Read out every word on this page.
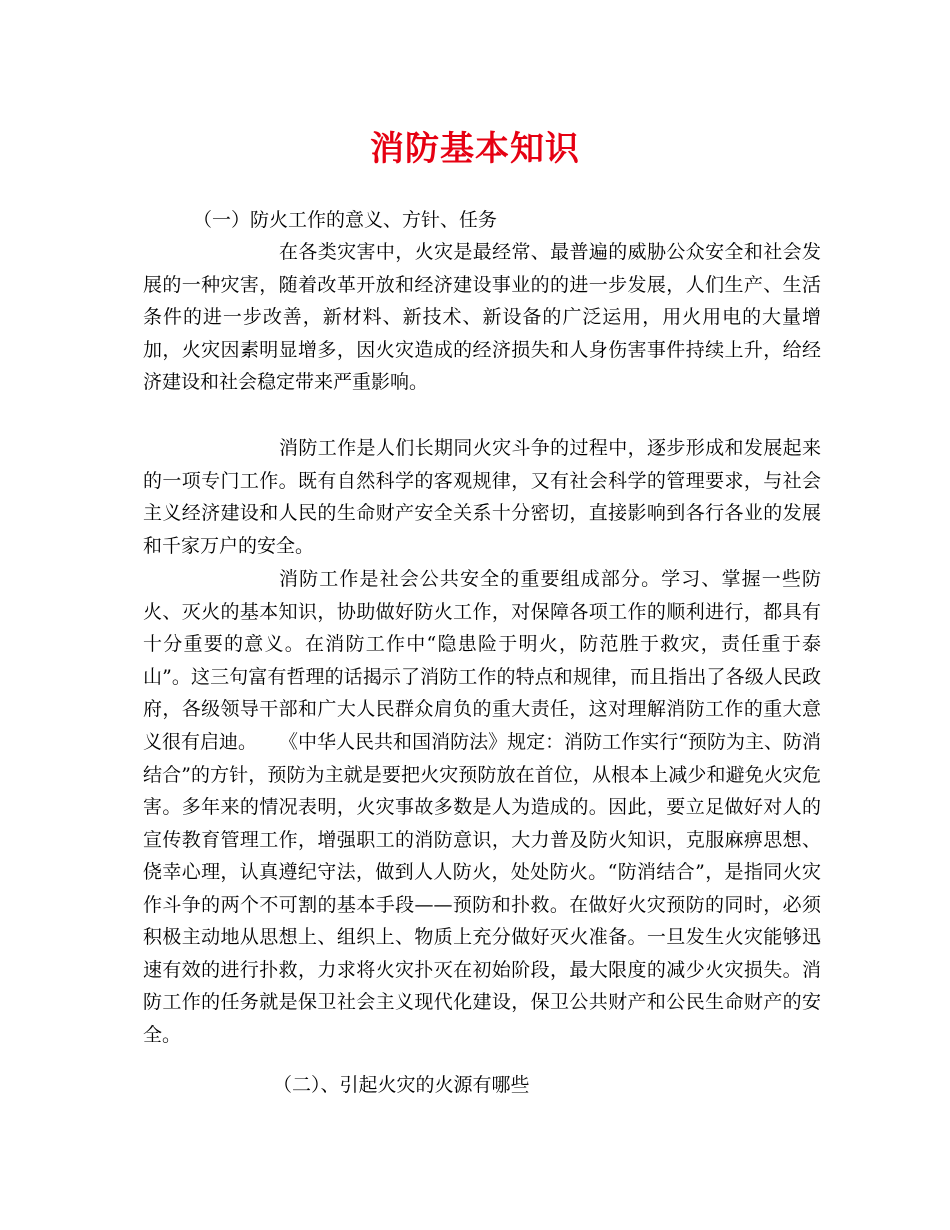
消防基本知识
（一）防火工作的意义、方针、任务

在各类灾害中，火灾是最经常、最普遍的威胁公众安全和社会发展的一种灾害，随着改革开放和经济建设事业的的进一步发展，人们生产、生活条件的进一步改善，新材料、新技术、新设备的广泛运用，用火用电的大量增加，火灾因素明显增多，因火灾造成的经济损失和人身伤害事件持续上升，给经济建设和社会稳定带来严重影响。

消防工作是人们长期同火灾斗争的过程中，逐步形成和发展起来的一项专门工作。既有自然科学的客观规律，又有社会科学的管理要求，与社会主义经济建设和人民的生命财产安全关系十分密切，直接影响到各行各业的发展和千家万户的安全。

消防工作是社会公共安全的重要组成部分。学习、掌握一些防火、灭火的基本知识，协助做好防火工作，对保障各项工作的顺利进行，都具有十分重要的意义。在消防工作中“隐患险于明火，防范胜于救灾，责任重于泰山”。这三句富有哲理的话揭示了消防工作的特点和规律，而且指出了各级人民政府，各级领导干部和广大人民群众肩负的重大责任，这对理解消防工作的重大意义很有启迪。	《中华人民共和国消防法》规定：消防工作实行“预防为主、防消结合”的方针，预防为主就是要把火灾预防放在首位，从根本上减少和避免火灾危害。多年来的情况表明，火灾事故多数是人为造成的。因此，要立足做好对人的宣传教育管理工作，增强职工的消防意识，大力普及防火知识，克服麻痹思想、侥幸心理，认真遵纪守法，做到人人防火，处处防火。“防消结合”，是指同火灾作斗争的两个不可割的基本手段——预防和扑救。在做好火灾预防的同时，必须积极主动地从思想上、组织上、物质上充分做好灭火准备。一旦发生火灾能够迅速有效的进行扑救，力求将火灾扑灭在初始阶段，最大限度的减少火灾损失。消防工作的任务就是保卫社会主义现代化建设，保卫公共财产和公民生命财产的安全。

（二）、引起火灾的火源有哪些
